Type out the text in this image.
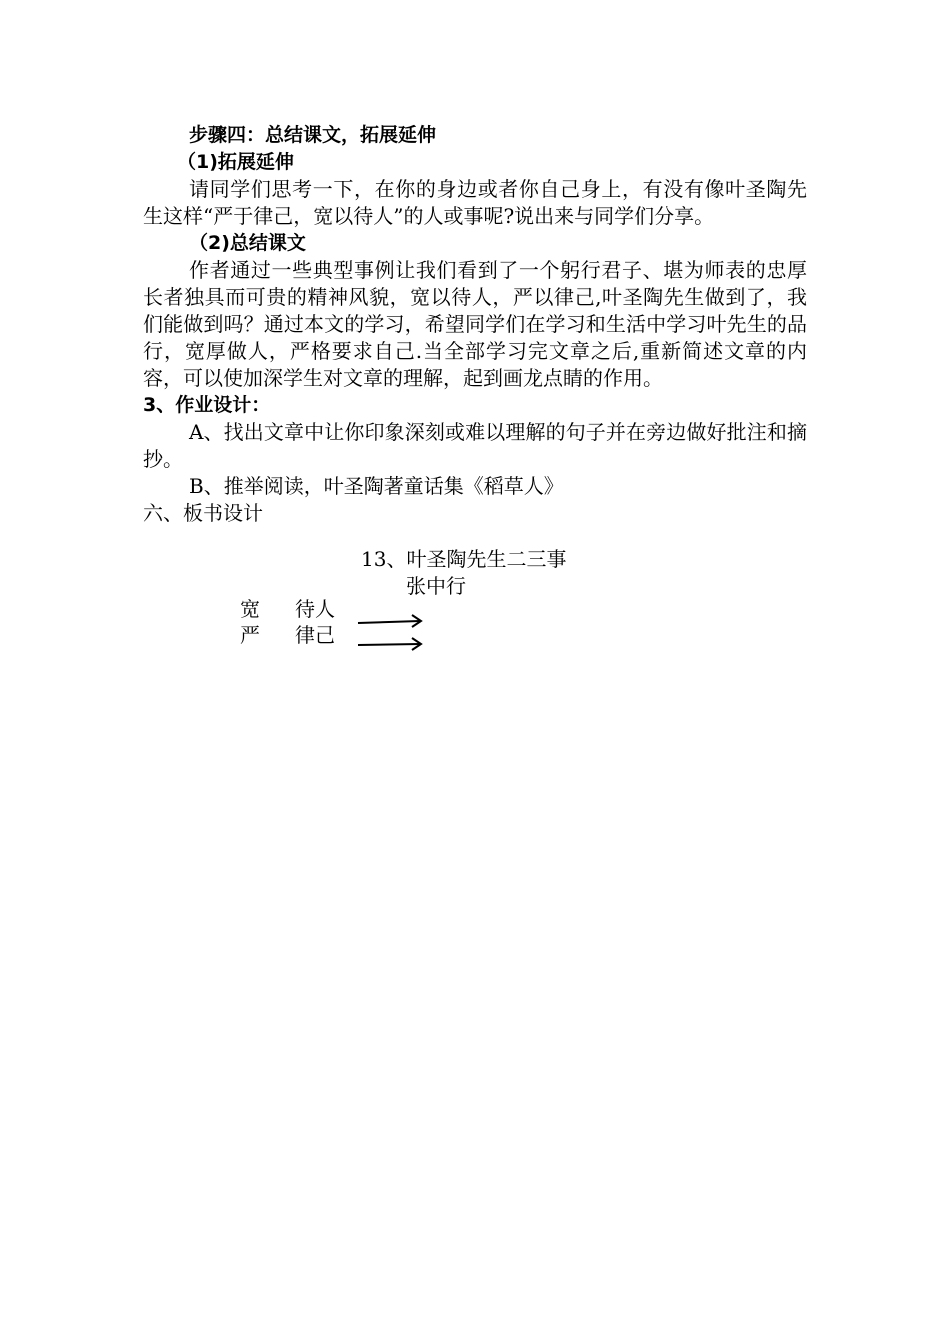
步骤四：总结课文，拓展延伸

（1)拓展延伸

请同学们思考一下，在你的身边或者你自己身上，有没有像叶圣陶先生这样“严于律己，宽以待人”的人或事呢?说出来与同学们分享。

（2)总结课文

作者通过一些典型事例让我们看到了一个躬行君子、堪为师表的忠厚长者独具而可贵的精神风貌，宽以待人，严以律己,叶圣陶先生做到了，我们能做到吗？通过本文的学习，希望同学们在学习和生活中学习叶先生的品行，宽厚做人，严格要求自己.当全部学习完文章之后,重新简述文章的内容，可以使加深学生对文章的理解，起到画龙点睛的作用。

3、作业设计：

A、找出文章中让你印象深刻或难以理解的句子并在旁边做好批注和摘抄。

B、推举阅读，叶圣陶著童话集《稻草人》

六、板书设计

13、叶圣陶先生二三事
张中行
宽 待人
严 律己
